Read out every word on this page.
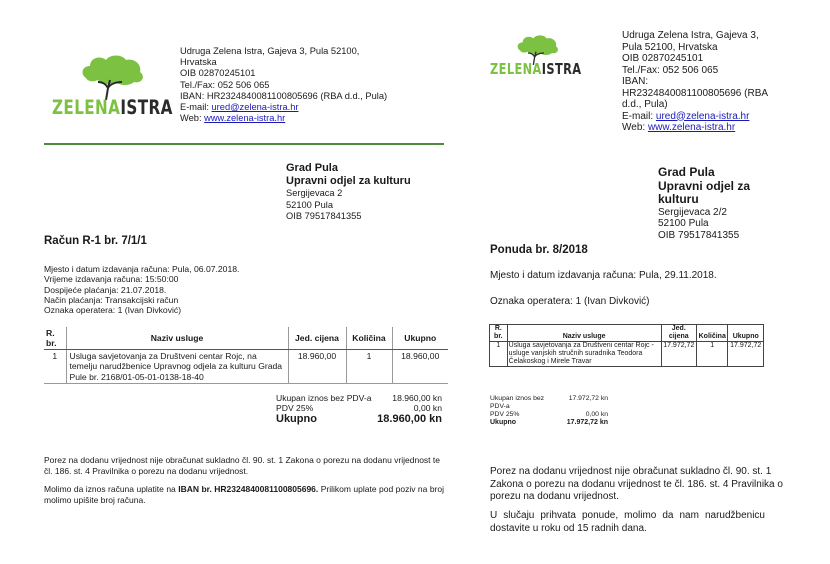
ZELENAISTRA
Udruga Zelena Istra, Gajeva 3, Pula 52100,
Hrvatska
OIB 02870245101
Tel./Fax: 052 506 065
IBAN: HR2324840081100805696 (RBA d.d., Pula)
E-mail: ured@zelena-istra.hr
Web: www.zelena-istra.hr
Grad Pula
Upravni odjel za kulturu
Sergijevaca 2
52100 Pula
OIB 79517841355
Račun R-1 br. 7/1/1
Mjesto i datum izdavanja računa: Pula, 06.07.2018.
Vrijeme izdavanja računa: 15:50:00
Dospijeće plaćanja: 21.07.2018.
Način plaćanja: Transakcijski račun
Oznaka operatera: 1 (Ivan Divković)
R. br.	Naziv usluge	Jed. cijena	Količina	Ukupno
1	Usluga savjetovanja za Društveni centar Rojc, na temelju narudžbenice Upravnog odjela za kulturu Grada Pule br. 2168/01-05-01-0138-18-40	18.960,00	1	18.960,00
Ukupan iznos bez PDV-a 18.960,00 kn
PDV 25%	0,00 kn
Ukupno	18.960,00 kn
Porez na dodanu vrijednost nije obračunat sukladno čl. 90. st. 1 Zakona o porezu na dodanu vrijednost te čl. 186. st. 4 Pravilnika o porezu na dodanu vrijednost.
Molimo da iznos računa uplatite na IBAN br. HR2324840081100805696. Prilikom uplate pod poziv na broj molimo upišite broj računa.
ZELENAISTRA
Udruga Zelena Istra, Gajeva 3,
Pula 52100, Hrvatska
OIB 02870245101
Tel./Fax: 052 506 065
IBAN:
HR2324840081100805696 (RBA
d.d., Pula)
E-mail: ured@zelena-istra.hr
Web: www.zelena-istra.hr
Grad Pula
Upravni odjel za
kulturu
Sergijevaca 2/2
52100 Pula
OIB 79517841355
Ponuda br. 8/2018
Mjesto i datum izdavanja računa: Pula, 29.11.2018.
Oznaka operatera: 1 (Ivan Divković)
R. br.	Naziv usluge	Jed. cijena	Količina	Ukupno
1	Usluga savjetovanja za Društveni centar Rojc - usluge vanjskih stručnih suradnika Teodora Čelakoskog i Mirele Travar	17.972,72	1	17.972,72
Ukupan iznos bez PDV-a
17.972,72 kn
PDV 25%	0,00 kn
Ukupno	17.972,72 kn
Porez na dodanu vrijednost nije obračunat sukladno čl. 90. st. 1 Zakona o porezu na dodanu vrijednost te čl. 186. st. 4 Pravilnika o porezu na dodanu vrijednost.
U slučaju prihvata ponude, molimo da nam narudžbenicu dostavite u roku od 15 radnih dana.
